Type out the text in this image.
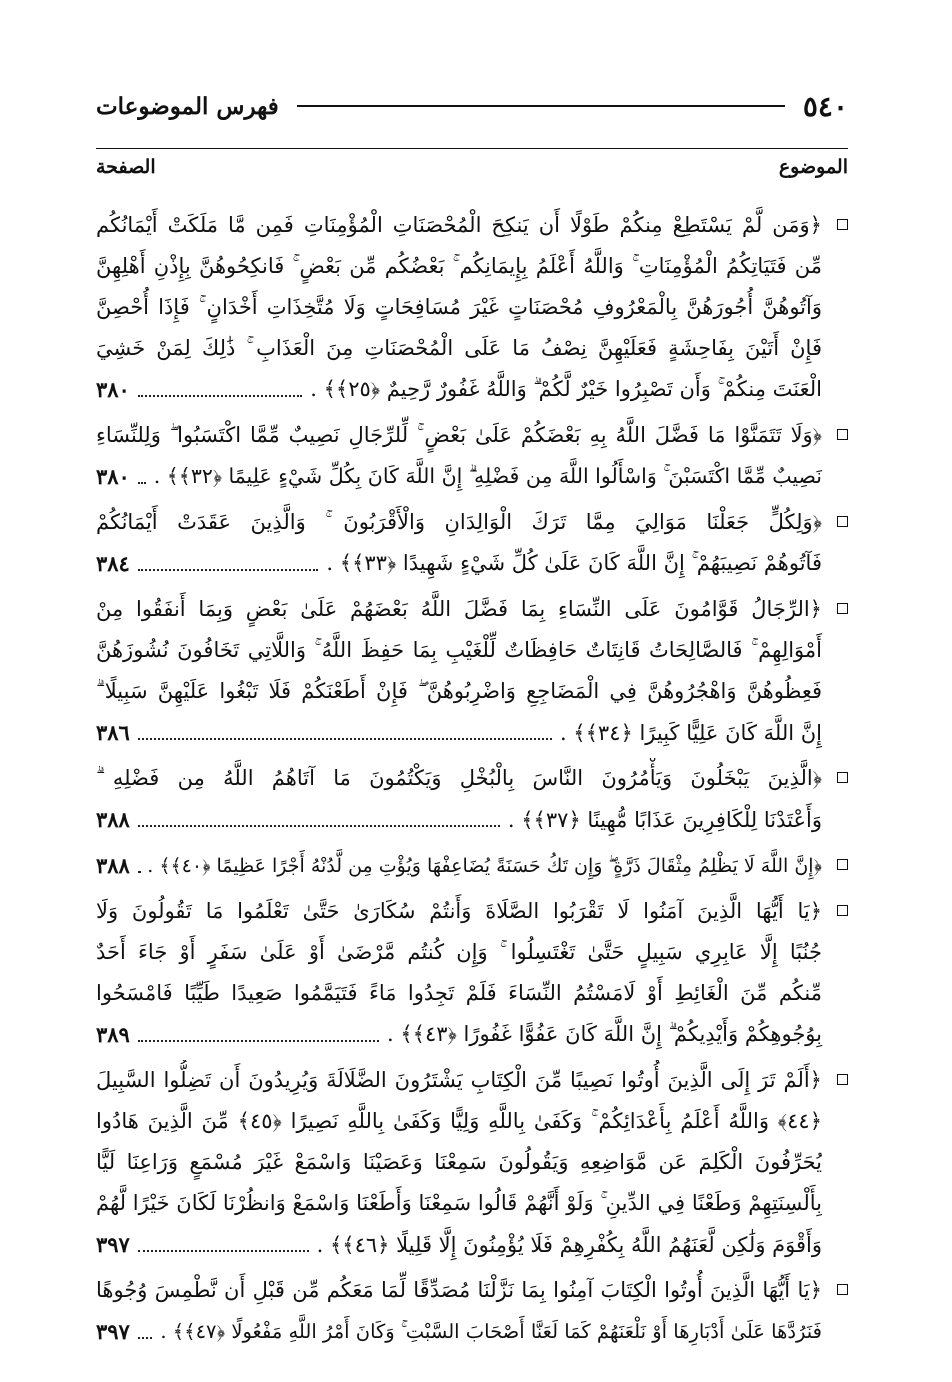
٥٤٠
فهرس الموضوعات
الموضوع
الصفحة
﴿وَمَن لَّمْ يَسْتَطِعْ مِنكُمْ طَوْلًا أَن يَنكِحَ الْمُحْصَنَاتِ الْمُؤْمِنَاتِ فَمِن مَّا مَلَكَتْ أَيْمَانُكُم
مِّن فَتَيَاتِكُمُ الْمُؤْمِنَاتِ ۚ وَاللَّهُ أَعْلَمُ بِإِيمَانِكُم ۚ بَعْضُكُم مِّن بَعْضٍ ۚ فَانكِحُوهُنَّ بِإِذْنِ أَهْلِهِنَّ
وَآتُوهُنَّ أُجُورَهُنَّ بِالْمَعْرُوفِ مُحْصَنَاتٍ غَيْرَ مُسَافِحَاتٍ وَلَا مُتَّخِذَاتِ أَخْدَانٍ ۚ فَإِذَا أُحْصِنَّ
فَإِنْ أَتَيْنَ بِفَاحِشَةٍ فَعَلَيْهِنَّ نِصْفُ مَا عَلَى الْمُحْصَنَاتِ مِنَ الْعَذَابِ ۚ ذَٰلِكَ لِمَنْ خَشِيَ
الْعَنَتَ مِنكُمْ ۚ وَأَن تَصْبِرُوا خَيْرٌ لَّكُمْ ۗ وَاللَّهُ غَفُورٌ رَّحِيمٌ ﴿٢٥﴾﴾ .
٣٨٠
﴿وَلَا تَتَمَنَّوْا مَا فَضَّلَ اللَّهُ بِهِ بَعْضَكُمْ عَلَىٰ بَعْضٍ ۚ لِّلرِّجَالِ نَصِيبٌ مِّمَّا اكْتَسَبُوا ۖ وَلِلنِّسَاءِ
نَصِيبٌ مِّمَّا اكْتَسَبْنَ ۚ وَاسْأَلُوا اللَّهَ مِن فَضْلِهِ ۗ إِنَّ اللَّهَ كَانَ بِكُلِّ شَيْءٍ عَلِيمًا ﴿٣٢﴾﴾ .
٣٨٠
﴿وَلِكُلٍّ جَعَلْنَا مَوَالِيَ مِمَّا تَرَكَ الْوَالِدَانِ وَالْأَقْرَبُونَ ۚ وَالَّذِينَ عَقَدَتْ أَيْمَانُكُمْ
فَآتُوهُمْ نَصِيبَهُمْ ۚ إِنَّ اللَّهَ كَانَ عَلَىٰ كُلِّ شَيْءٍ شَهِيدًا ﴿٣٣﴾﴾ .
٣٨٤
﴿الرِّجَالُ قَوَّامُونَ عَلَى النِّسَاءِ بِمَا فَضَّلَ اللَّهُ بَعْضَهُمْ عَلَىٰ بَعْضٍ وَبِمَا أَنفَقُوا مِنْ
أَمْوَالِهِمْ ۚ فَالصَّالِحَاتُ قَانِتَاتٌ حَافِظَاتٌ لِّلْغَيْبِ بِمَا حَفِظَ اللَّهُ ۚ وَاللَّاتِي تَخَافُونَ نُشُوزَهُنَّ
فَعِظُوهُنَّ وَاهْجُرُوهُنَّ فِي الْمَضَاجِعِ وَاضْرِبُوهُنَّ ۖ فَإِنْ أَطَعْنَكُمْ فَلَا تَبْغُوا عَلَيْهِنَّ سَبِيلًا ۗ
إِنَّ اللَّهَ كَانَ عَلِيًّا كَبِيرًا ﴿٣٤﴾﴾ .
٣٨٦
﴿الَّذِينَ يَبْخَلُونَ وَيَأْمُرُونَ النَّاسَ بِالْبُخْلِ وَيَكْتُمُونَ مَا آتَاهُمُ اللَّهُ مِن فَضْلِهِ ۗ
وَأَعْتَدْنَا لِلْكَافِرِينَ عَذَابًا مُّهِينًا ﴿٣٧﴾﴾ .
٣٨٨
﴿إِنَّ اللَّهَ لَا يَظْلِمُ مِثْقَالَ ذَرَّةٍ ۖ وَإِن تَكُ حَسَنَةً يُضَاعِفْهَا وَيُؤْتِ مِن لَّدُنْهُ أَجْرًا عَظِيمًا ﴿٤٠﴾﴾ .
٣٨٨
﴿يَا أَيُّهَا الَّذِينَ آمَنُوا لَا تَقْرَبُوا الصَّلَاةَ وَأَنتُمْ سُكَارَىٰ حَتَّىٰ تَعْلَمُوا مَا تَقُولُونَ وَلَا
جُنُبًا إِلَّا عَابِرِي سَبِيلٍ حَتَّىٰ تَغْتَسِلُوا ۚ وَإِن كُنتُم مَّرْضَىٰ أَوْ عَلَىٰ سَفَرٍ أَوْ جَاءَ أَحَدٌ
مِّنكُم مِّنَ الْغَائِطِ أَوْ لَامَسْتُمُ النِّسَاءَ فَلَمْ تَجِدُوا مَاءً فَتَيَمَّمُوا صَعِيدًا طَيِّبًا فَامْسَحُوا
بِوُجُوهِكُمْ وَأَيْدِيكُمْ ۗ إِنَّ اللَّهَ كَانَ عَفُوًّا غَفُورًا ﴿٤٣﴾﴾ .
٣٨٩
﴿أَلَمْ تَرَ إِلَى الَّذِينَ أُوتُوا نَصِيبًا مِّنَ الْكِتَابِ يَشْتَرُونَ الضَّلَالَةَ وَيُرِيدُونَ أَن تَضِلُّوا السَّبِيلَ
﴿٤٤﴾ وَاللَّهُ أَعْلَمُ بِأَعْدَائِكُمْ ۚ وَكَفَىٰ بِاللَّهِ وَلِيًّا وَكَفَىٰ بِاللَّهِ نَصِيرًا ﴿٤٥﴾ مِّنَ الَّذِينَ هَادُوا
يُحَرِّفُونَ الْكَلِمَ عَن مَّوَاضِعِهِ وَيَقُولُونَ سَمِعْنَا وَعَصَيْنَا وَاسْمَعْ غَيْرَ مُسْمَعٍ وَرَاعِنَا لَيًّا
بِأَلْسِنَتِهِمْ وَطَعْنًا فِي الدِّينِ ۚ وَلَوْ أَنَّهُمْ قَالُوا سَمِعْنَا وَأَطَعْنَا وَاسْمَعْ وَانظُرْنَا لَكَانَ خَيْرًا لَّهُمْ
وَأَقْوَمَ وَلَٰكِن لَّعَنَهُمُ اللَّهُ بِكُفْرِهِمْ فَلَا يُؤْمِنُونَ إِلَّا قَلِيلًا ﴿٤٦﴾﴾ .
٣٩٧
﴿يَا أَيُّهَا الَّذِينَ أُوتُوا الْكِتَابَ آمِنُوا بِمَا نَزَّلْنَا مُصَدِّقًا لِّمَا مَعَكُم مِّن قَبْلِ أَن نَّطْمِسَ وُجُوهًا
فَنَرُدَّهَا عَلَىٰ أَدْبَارِهَا أَوْ نَلْعَنَهُمْ كَمَا لَعَنَّا أَصْحَابَ السَّبْتِ ۚ وَكَانَ أَمْرُ اللَّهِ مَفْعُولًا ﴿٤٧﴾﴾ .
٣٩٧
